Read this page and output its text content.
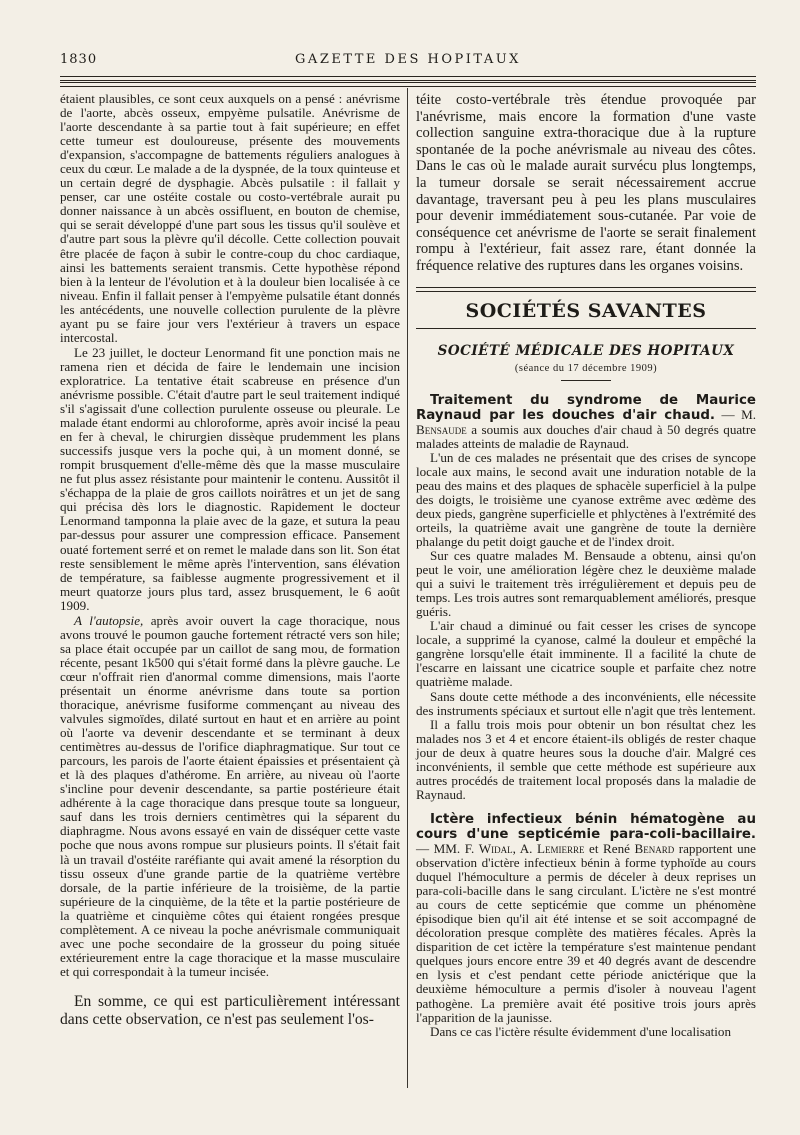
1830	GAZETTE DES HOPITAUX

étaient plausibles, ce sont ceux auxquels on a pensé : anévrisme de l'aorte, abcès osseux, empyème pulsatile. Anévrisme de l'aorte descendante à sa partie tout à fait supérieure; en effet cette tumeur est douloureuse, présente des mouvements d'expansion, s'accompagne de battements réguliers analogues à ceux du cœur. Le malade a de la dyspnée, de la toux quinteuse et un certain degré de dysphagie. Abcès pulsatile : il fallait y penser, car une ostéite costale ou costo-vertébrale aurait pu donner naissance à un abcès ossifluent, en bouton de chemise, qui se serait développé d'une part sous les tissus qu'il soulève et d'autre part sous la plèvre qu'il décolle. Cette collection pouvait être placée de façon à subir le contre-coup du choc cardiaque, ainsi les battements seraient transmis. Cette hypothèse répond bien à la lenteur de l'évolution et à la douleur bien localisée à ce niveau. Enfin il fallait penser à l'empyème pulsatile étant donnés les antécédents, une nouvelle collection purulente de la plèvre ayant pu se faire jour vers l'extérieur à travers un espace intercostal.

Le 23 juillet, le docteur Lenormand fit une ponction mais ne ramena rien et décida de faire le lendemain une incision exploratrice. La tentative était scabreuse en présence d'un anévrisme possible. C'était d'autre part le seul traitement indiqué s'il s'agissait d'une collection purulente osseuse ou pleurale. Le malade étant endormi au chloroforme, après avoir incisé la peau en fer à cheval, le chirurgien dissèque prudemment les plans successifs jusque vers la poche qui, à un moment donné, se rompit brusquement d'elle-même dès que la masse musculaire ne fut plus assez résistante pour maintenir le contenu. Aussitôt il s'échappa de la plaie de gros caillots noirâtres et un jet de sang qui précisa dès lors le diagnostic. Rapidement le docteur Lenormand tamponna la plaie avec de la gaze, et sutura la peau par-dessus pour assurer une compression efficace. Pansement ouaté fortement serré et on remet le malade dans son lit. Son état reste sensiblement le même après l'intervention, sans élévation de température, sa faiblesse augmente progressivement et il meurt quatorze jours plus tard, assez brusquement, le 6 août 1909.

A l'autopsie, après avoir ouvert la cage thoracique, nous avons trouvé le poumon gauche fortement rétracté vers son hile; sa place était occupée par un caillot de sang mou, de formation récente, pesant 1k500 qui s'était formé dans la plèvre gauche. Le cœur n'offrait rien d'anormal comme dimensions, mais l'aorte présentait un énorme anévrisme dans toute sa portion thoracique, anévrisme fusiforme commençant au niveau des valvules sigmoïdes, dilaté surtout en haut et en arrière au point où l'aorte va devenir descendante et se terminant à deux centimètres au-dessus de l'orifice diaphragmatique. Sur tout ce parcours, les parois de l'aorte étaient épaissies et présentaient çà et là des plaques d'athérome. En arrière, au niveau où l'aorte s'incline pour devenir descendante, sa partie postérieure était adhérente à la cage thoracique dans presque toute sa longueur, sauf dans les trois derniers centimètres qui la séparent du diaphragme. Nous avons essayé en vain de disséquer cette vaste poche que nous avons rompue sur plusieurs points. Il s'était fait là un travail d'ostéite raréfiante qui avait amené la résorption du tissu osseux d'une grande partie de la quatrième vertèbre dorsale, de la partie inférieure de la troisième, de la partie supérieure de la cinquième, de la tête et la partie postérieure de la quatrième et cinquième côtes qui étaient rongées presque complètement. A ce niveau la poche anévrismale communiquait avec une poche secondaire de la grosseur du poing située extérieurement entre la cage thoracique et la masse musculaire et qui correspondait à la tumeur incisée.

En somme, ce qui est particulièrement intéressant dans cette observation, ce n'est pas seulement l'os-

téite costo-vertébrale très étendue provoquée par l'anévrisme, mais encore la formation d'une vaste collection sanguine extra-thoracique due à la rupture spontanée de la poche anévrismale au niveau des côtes. Dans le cas où le malade aurait survécu plus longtemps, la tumeur dorsale se serait nécessairement accrue davantage, traversant peu à peu les plans musculaires pour devenir immédiatement sous-cutanée. Par voie de conséquence cet anévrisme de l'aorte se serait finalement rompu à l'extérieur, fait assez rare, étant donnée la fréquence relative des ruptures dans les organes voisins.

SOCIÉTÉS SAVANTES
SOCIÉTÉ MÉDICALE DES HOPITAUX
(séance du 17 décembre 1909)

Traitement du syndrome de Maurice Raynaud par les douches d'air chaud. — M. Bensaude a soumis aux douches d'air chaud à 50 degrés quatre malades atteints de maladie de Raynaud.

L'un de ces malades ne présentait que des crises de syncope locale aux mains, le second avait une induration notable de la peau des mains et des plaques de sphacèle superficiel à la pulpe des doigts, le troisième une cyanose extrême avec œdème des deux pieds, gangrène superficielle et phlyctènes à l'extrémité des orteils, la quatrième avait une gangrène de toute la dernière phalange du petit doigt gauche et de l'index droit.

Sur ces quatre malades M. Bensaude a obtenu, ainsi qu'on peut le voir, une amélioration légère chez le deuxième malade qui a suivi le traitement très irrégulièrement et depuis peu de temps. Les trois autres sont remarquablement améliorés, presque guéris.

L'air chaud a diminué ou fait cesser les crises de syncope locale, a supprimé la cyanose, calmé la douleur et empêché la gangrène lorsqu'elle était imminente. Il a facilité la chute de l'escarre en laissant une cicatrice souple et parfaite chez notre quatrième malade.

Sans doute cette méthode a des inconvénients, elle nécessite des instruments spéciaux et surtout elle n'agit que très lentement.

Il a fallu trois mois pour obtenir un bon résultat chez les malades nos 3 et 4 et encore étaient-ils obligés de rester chaque jour de deux à quatre heures sous la douche d'air. Malgré ces inconvénients, il semble que cette méthode est supérieure aux autres procédés de traitement local proposés dans la maladie de Raynaud.

Ictère infectieux bénin hématogène au cours d'une septicémie para-coli-bacillaire. — MM. F. Widal, A. Lemierre et René Benard rapportent une observation d'ictère infectieux bénin à forme typhoïde au cours duquel l'hémoculture a permis de déceler à deux reprises un para-coli-bacille dans le sang circulant. L'ictère ne s'est montré au cours de cette septicémie que comme un phénomène épisodique bien qu'il ait été intense et se soit accompagné de décoloration presque complète des matières fécales. Après la disparition de cet ictère la température s'est maintenue pendant quelques jours encore entre 39 et 40 degrés avant de descendre en lysis et c'est pendant cette période anictérique que la deuxième hémoculture a permis d'isoler à nouveau l'agent pathogène. La première avait été positive trois jours après l'apparition de la jaunisse.

Dans ce cas l'ictère résulte évidemment d'une localisation
